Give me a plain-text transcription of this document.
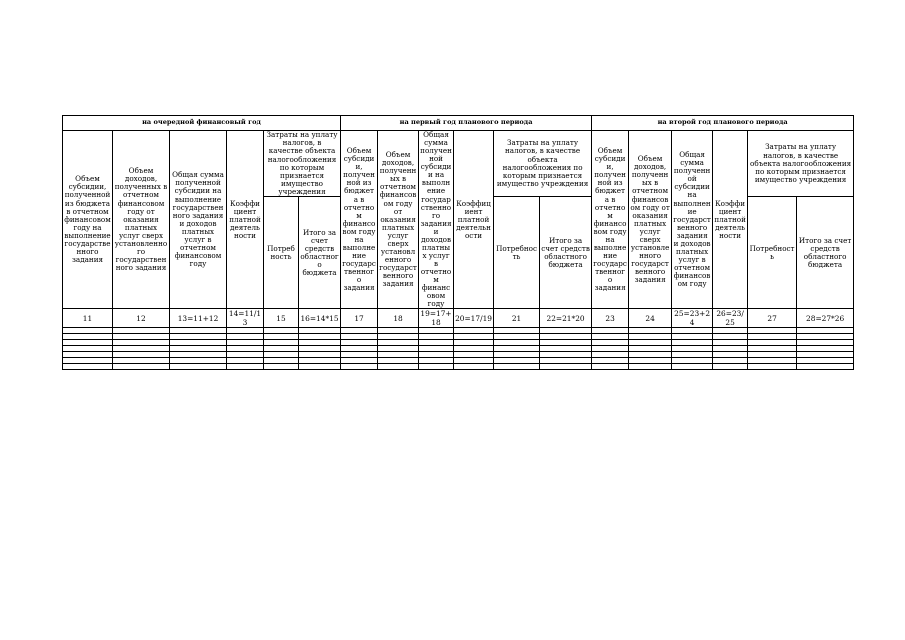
на очередной финансовый год						на первый год планового периода						на второй год планового периода					
Объем субсидии, полученной из бюджета в отчетном финансовом году на выполнение государственного задания	Объем доходов, полученных в отчетном финансовом году от оказания платных услуг сверх установленного государственного задания	Общая сумма полученной субсидии на выполнение государственного задания и доходов платных услуг в отчетном финансовом году	Коэффициент платной деятельности	Затраты на уплату налогов, в качестве объекта налогообложения по которым признается имущество учреждения		Объем субсидии, полученной из бюджета в отчетном финансовом году на выполнение государственного задания	Объем доходов, полученных в отчетном финансовом году от оказания платных услуг сверх установленного государственного задания	Общая сумма полученной субсидии на выполнение государственного задания и доходов платных услуг в отчетном финансовом году	Коэффициент платной деятельности	Затраты на уплату налогов, в качестве объекта налогообложения по которым признается имущество учреждения		Объем субсидии, полученной из бюджета в отчетном финансовом году на выполнение государственного задания	Объем доходов, полученных в отчетном финансовом году от оказания платных услуг сверх установленного государственного задания	Общая сумма полученной субсидии на выполнение государственного задания и доходов платных услуг в отчетном финансовом году	Коэффициент платной деятельности	Затраты на уплату налогов, в качестве объекта налогообложения по которым признается имущество учреждения	
				Потребность	Итого за счет средств областного бюджета					Потребность	Итого за счет средств областного бюджета					Потребность	Итого за счет средств областного бюджета
11	12	13=11+12	14=11/13	15	16=14*15	17	18	19=17+18	20=17/19	21	22=21*20	23	24	25=23+24	26=23/25	27	28=27*26
